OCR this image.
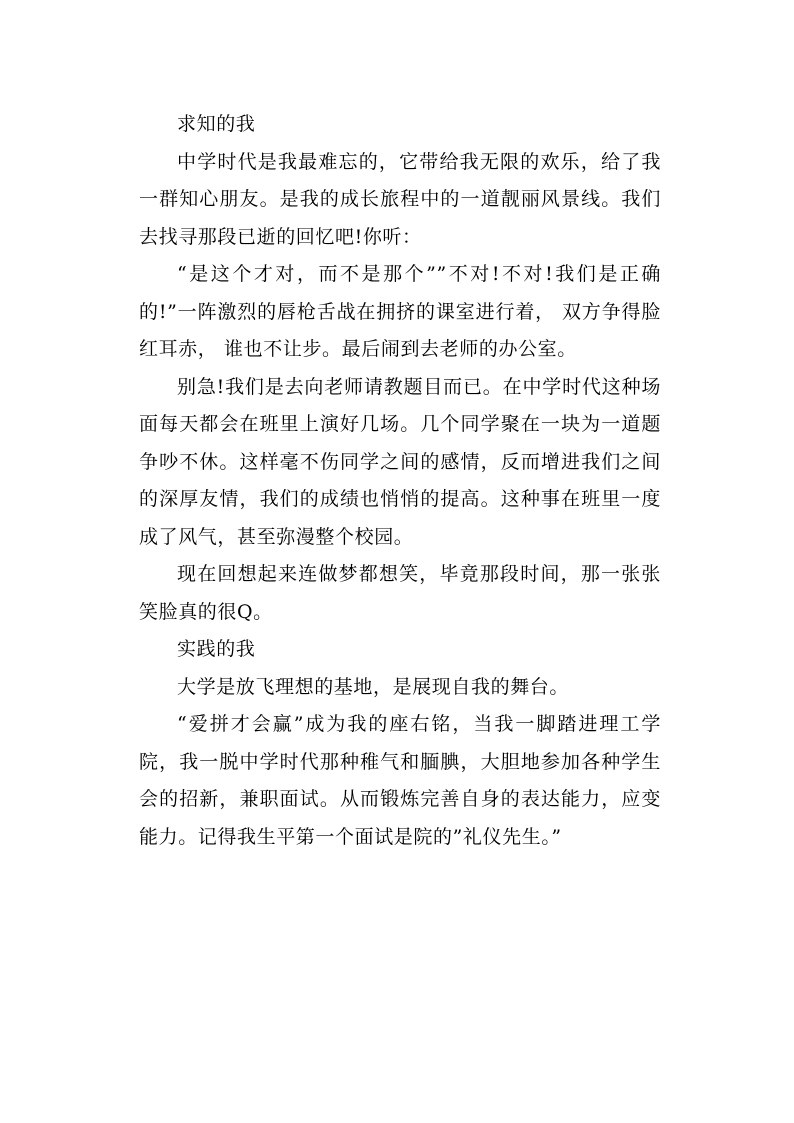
求知的我

中学时代是我最难忘的，它带给我无限的欢乐，给了我一群知心朋友。是我的成长旅程中的一道靓丽风景线。我们去找寻那段已逝的回忆吧!你听：

“是这个才对，而不是那个””不对!不对!我们是正确的!”一阵激烈的唇枪舌战在拥挤的课室进行着， 双方争得脸红耳赤， 谁也不让步。最后闹到去老师的办公室。

别急!我们是去向老师请教题目而已。在中学时代这种场面每天都会在班里上演好几场。几个同学聚在一块为一道题争吵不休。这样毫不伤同学之间的感情，反而增进我们之间的深厚友情，我们的成绩也悄悄的提高。这种事在班里一度成了风气，甚至弥漫整个校园。

现在回想起来连做梦都想笑，毕竟那段时间，那一张张笑脸真的很Q。

实践的我

大学是放飞理想的基地，是展现自我的舞台。

“爱拼才会赢”成为我的座右铭，当我一脚踏进理工学院，我一脱中学时代那种稚气和腼腆，大胆地参加各种学生会的招新，兼职面试。从而锻炼完善自身的表达能力，应变能力。记得我生平第一个面试是院的”礼仪先生。”
